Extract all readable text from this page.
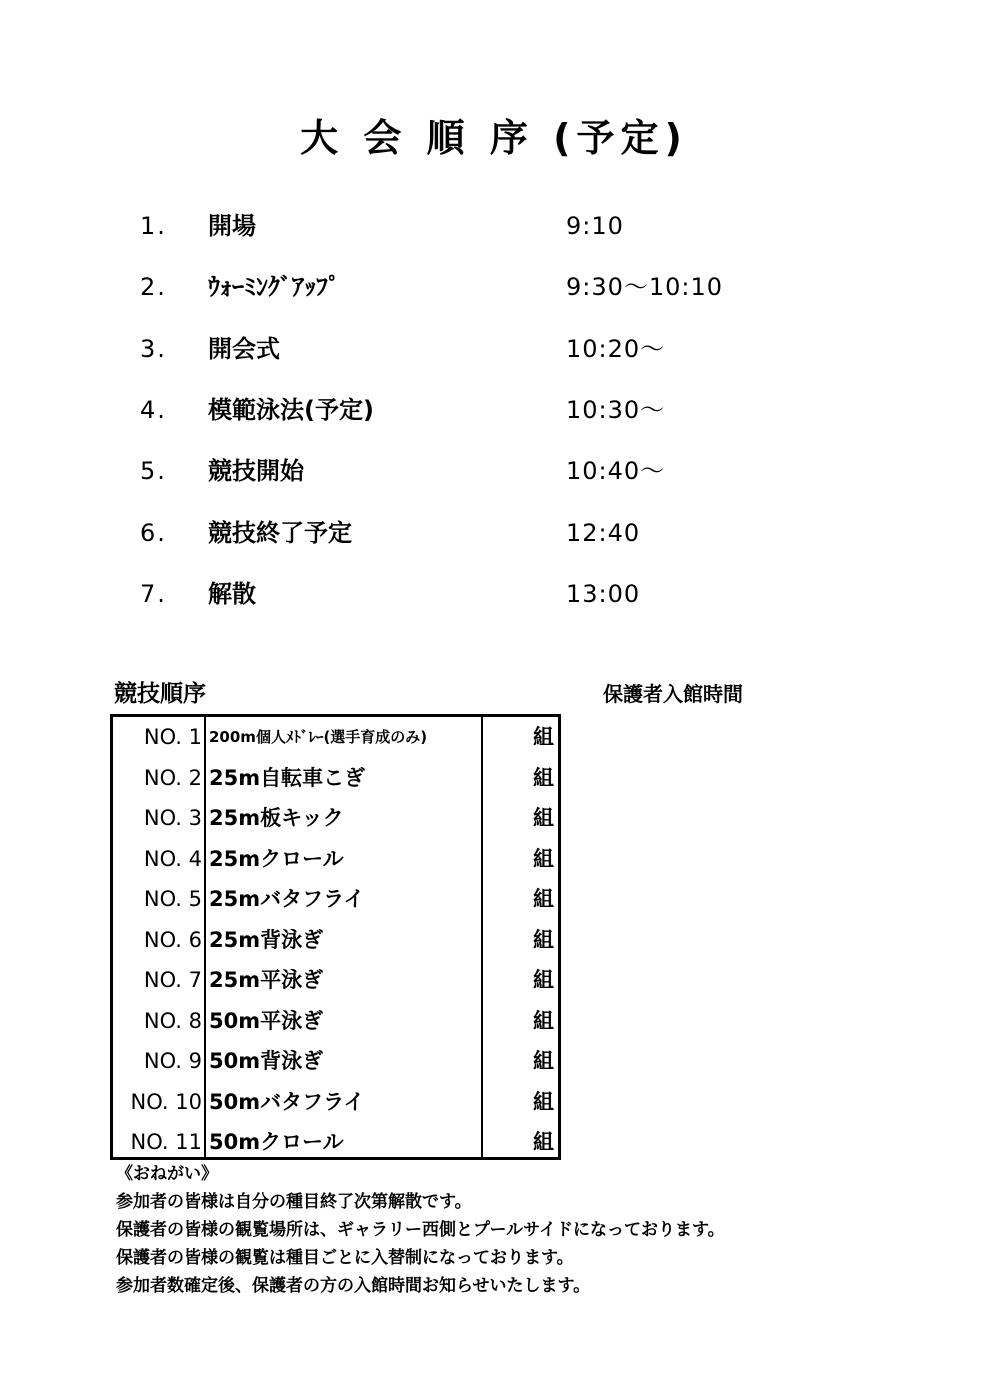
大 会 順 序 (予定)
1. 開場	9:10
2. ｳｫｰﾐﾝｸﾞｱｯﾌﾟ	9:30～10:10
3. 開会式	10:20～
4. 模範泳法(予定)	10:30～
5. 競技開始	10:40～
6. 競技終了予定	12:40
7. 解散	13:00
競技順序	保護者入館時間
NO. 1 200m個人ﾒﾄﾞﾚｰ(選手育成のみ)	組
NO. 2 25m自転車こぎ	組
NO. 3 25m板キック	組
NO. 4 25mクロール	組
NO. 5 25mバタフライ	組
NO. 6 25m背泳ぎ	組
NO. 7 25m平泳ぎ	組
NO. 8 50m平泳ぎ	組
NO. 9 50m背泳ぎ	組
NO. 10 50mバタフライ	組
NO. 11 50mクロール	組
《おねがい》
参加者の皆様は自分の種目終了次第解散です。
保護者の皆様の観覧場所は、ギャラリー西側とプールサイドになっております。
保護者の皆様の観覧は種目ごとに入替制になっております。
参加者数確定後、保護者の方の入館時間お知らせいたします。
